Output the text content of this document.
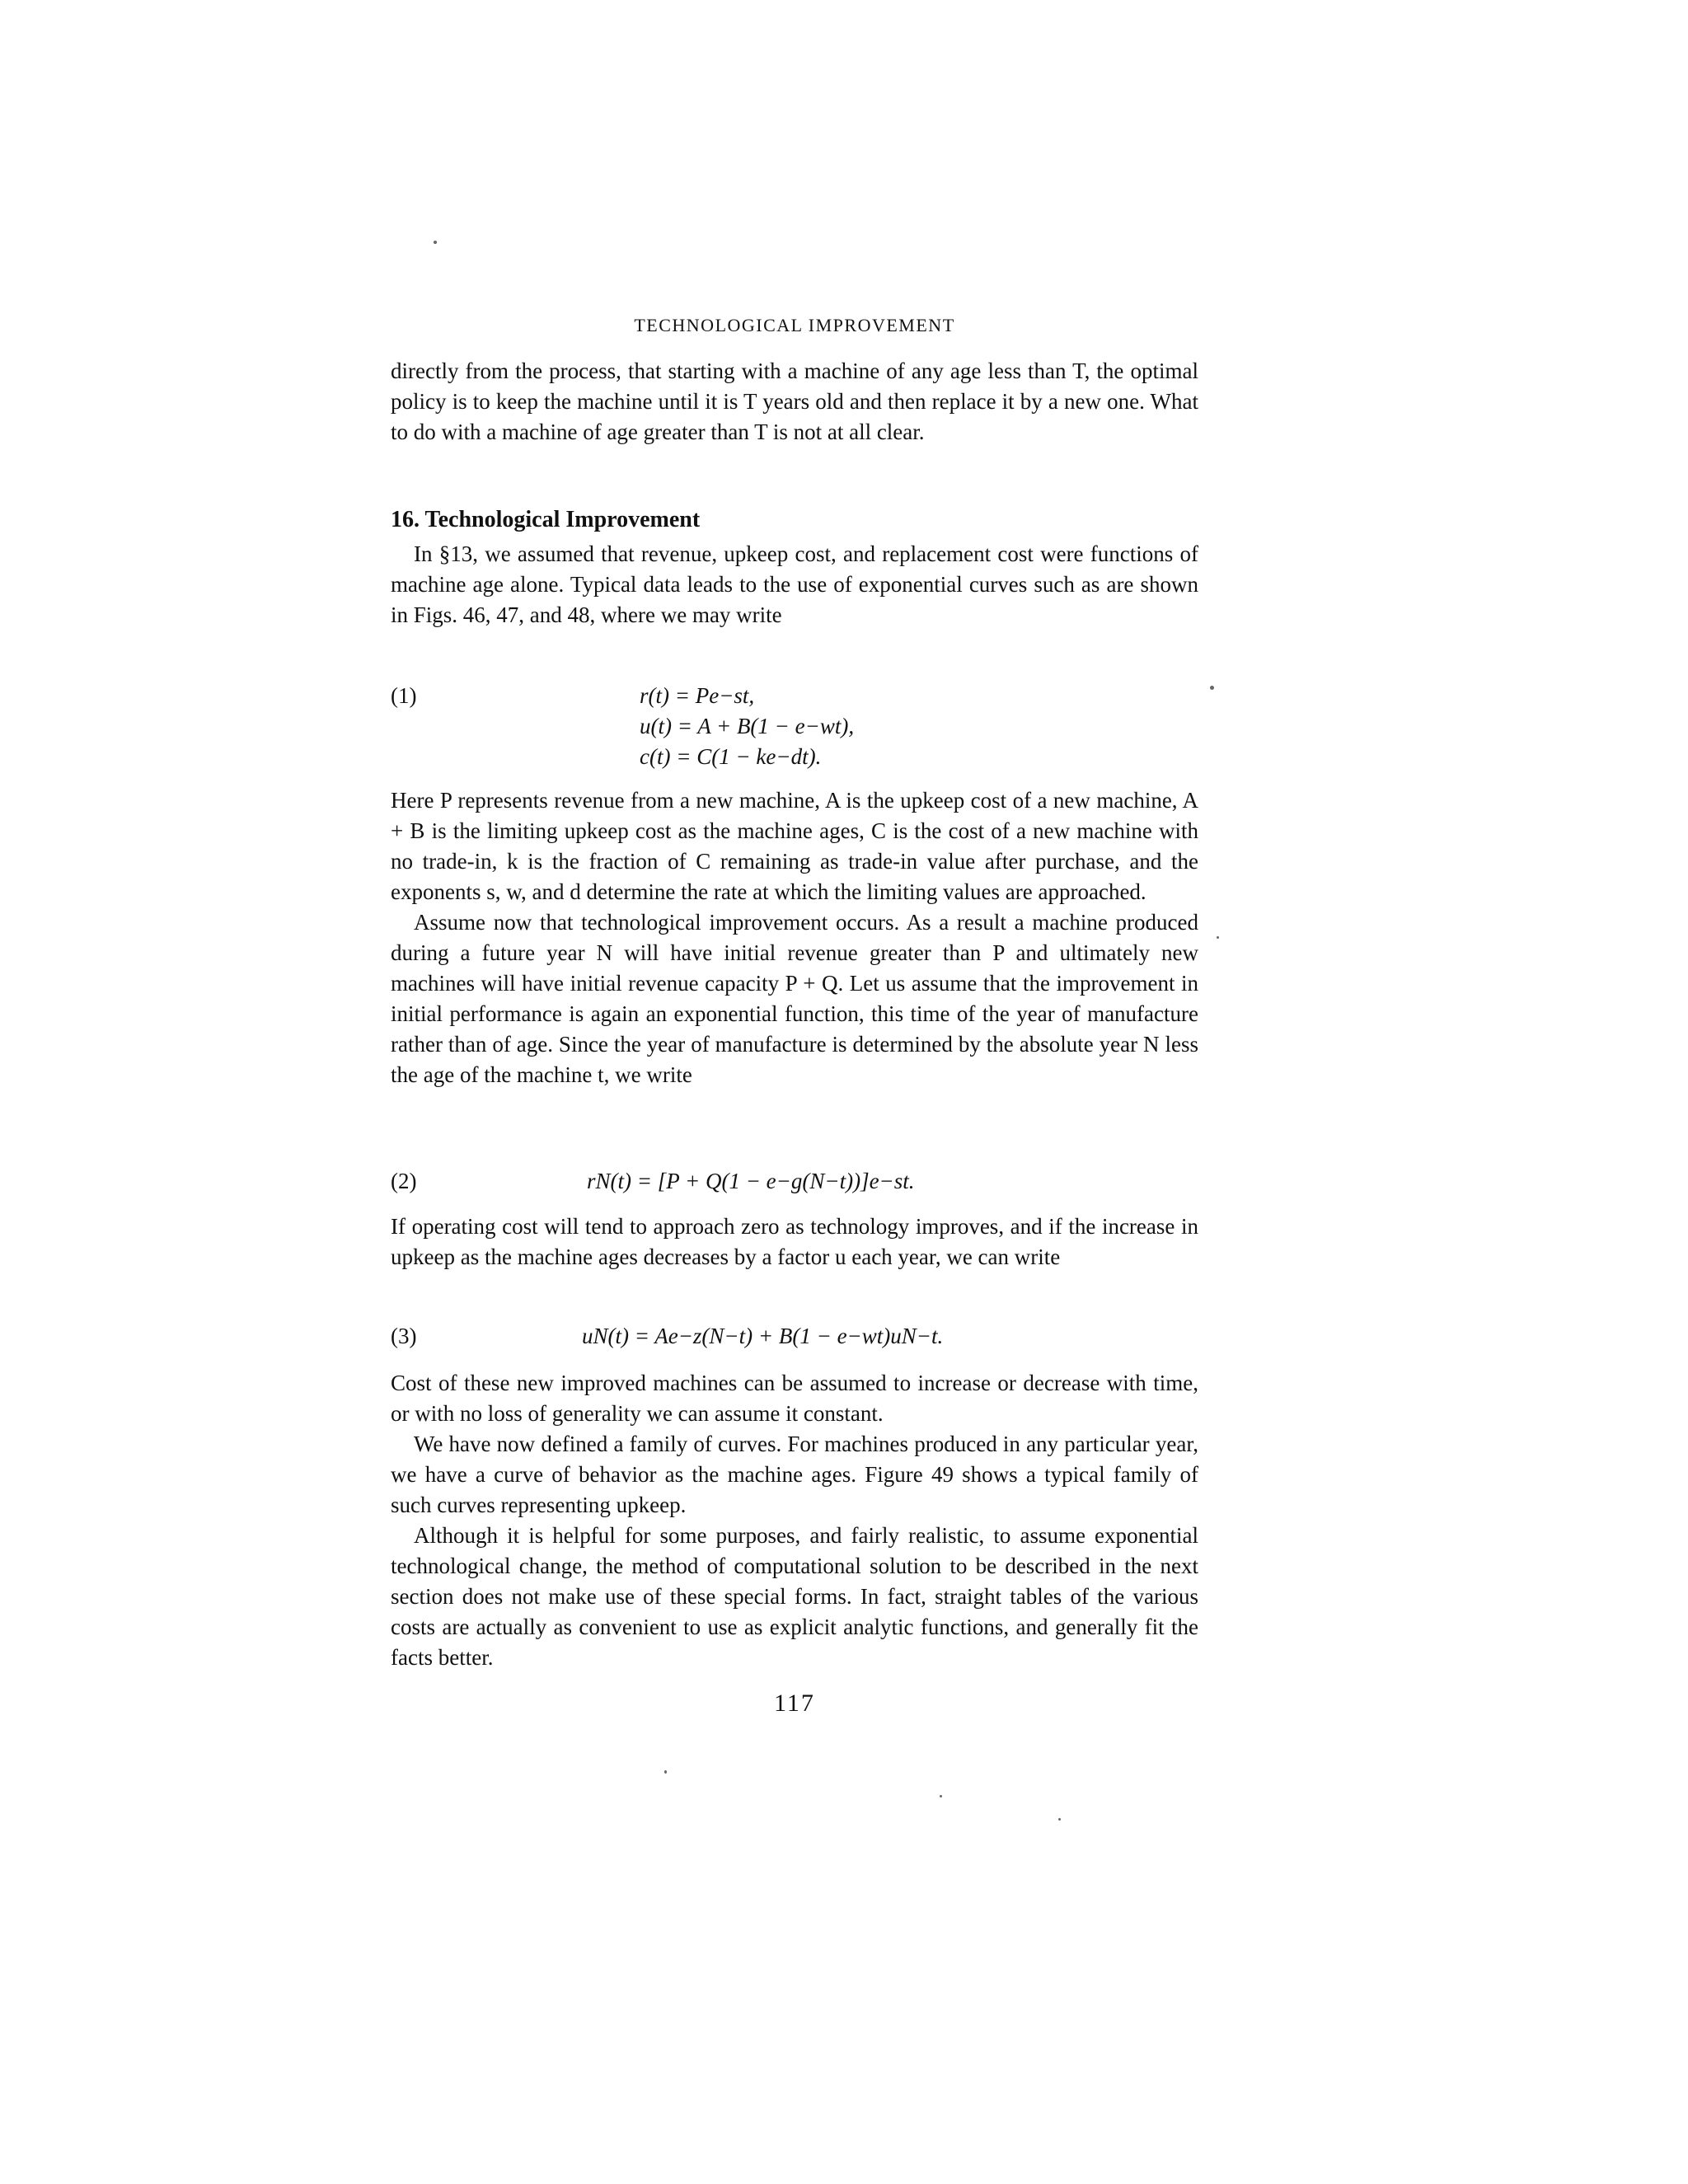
TECHNOLOGICAL IMPROVEMENT

directly from the process, that starting with a machine of any age less than T, the optimal policy is to keep the machine until it is T years old and then replace it by a new one. What to do with a machine of age greater than T is not at all clear.

16. Technological Improvement

In §13, we assumed that revenue, upkeep cost, and replacement cost were functions of machine age alone. Typical data leads to the use of exponential curves such as are shown in Figs. 46, 47, and 48, where we may write

(1)	r(t) = Pe−st,
u(t) = A + B(1 − e−wt),
c(t) = C(1 − ke−dt).

Here P represents revenue from a new machine, A is the upkeep cost of a new machine, A + B is the limiting upkeep cost as the machine ages, C is the cost of a new machine with no trade-in, k is the fraction of C remaining as trade-in value after purchase, and the exponents s, w, and d determine the rate at which the limiting values are approached.

Assume now that technological improvement occurs. As a result a machine produced during a future year N will have initial revenue greater than P and ultimately new machines will have initial revenue capacity P + Q. Let us assume that the improvement in initial performance is again an exponential function, this time of the year of manufacture rather than of age. Since the year of manufacture is determined by the absolute year N less the age of the machine t, we write

(2)	rN(t) = [P + Q(1 − e−g(N−t))]e−st.

If operating cost will tend to approach zero as technology improves, and if the increase in upkeep as the machine ages decreases by a factor u each year, we can write

(3)	uN(t) = Ae−z(N−t) + B(1 − e−wt)uN−t.

Cost of these new improved machines can be assumed to increase or decrease with time, or with no loss of generality we can assume it constant.

We have now defined a family of curves. For machines produced in any particular year, we have a curve of behavior as the machine ages. Figure 49 shows a typical family of such curves representing upkeep.

Although it is helpful for some purposes, and fairly realistic, to assume exponential technological change, the method of computational solution to be described in the next section does not make use of these special forms. In fact, straight tables of the various costs are actually as convenient to use as explicit analytic functions, and generally fit the facts better.

117
